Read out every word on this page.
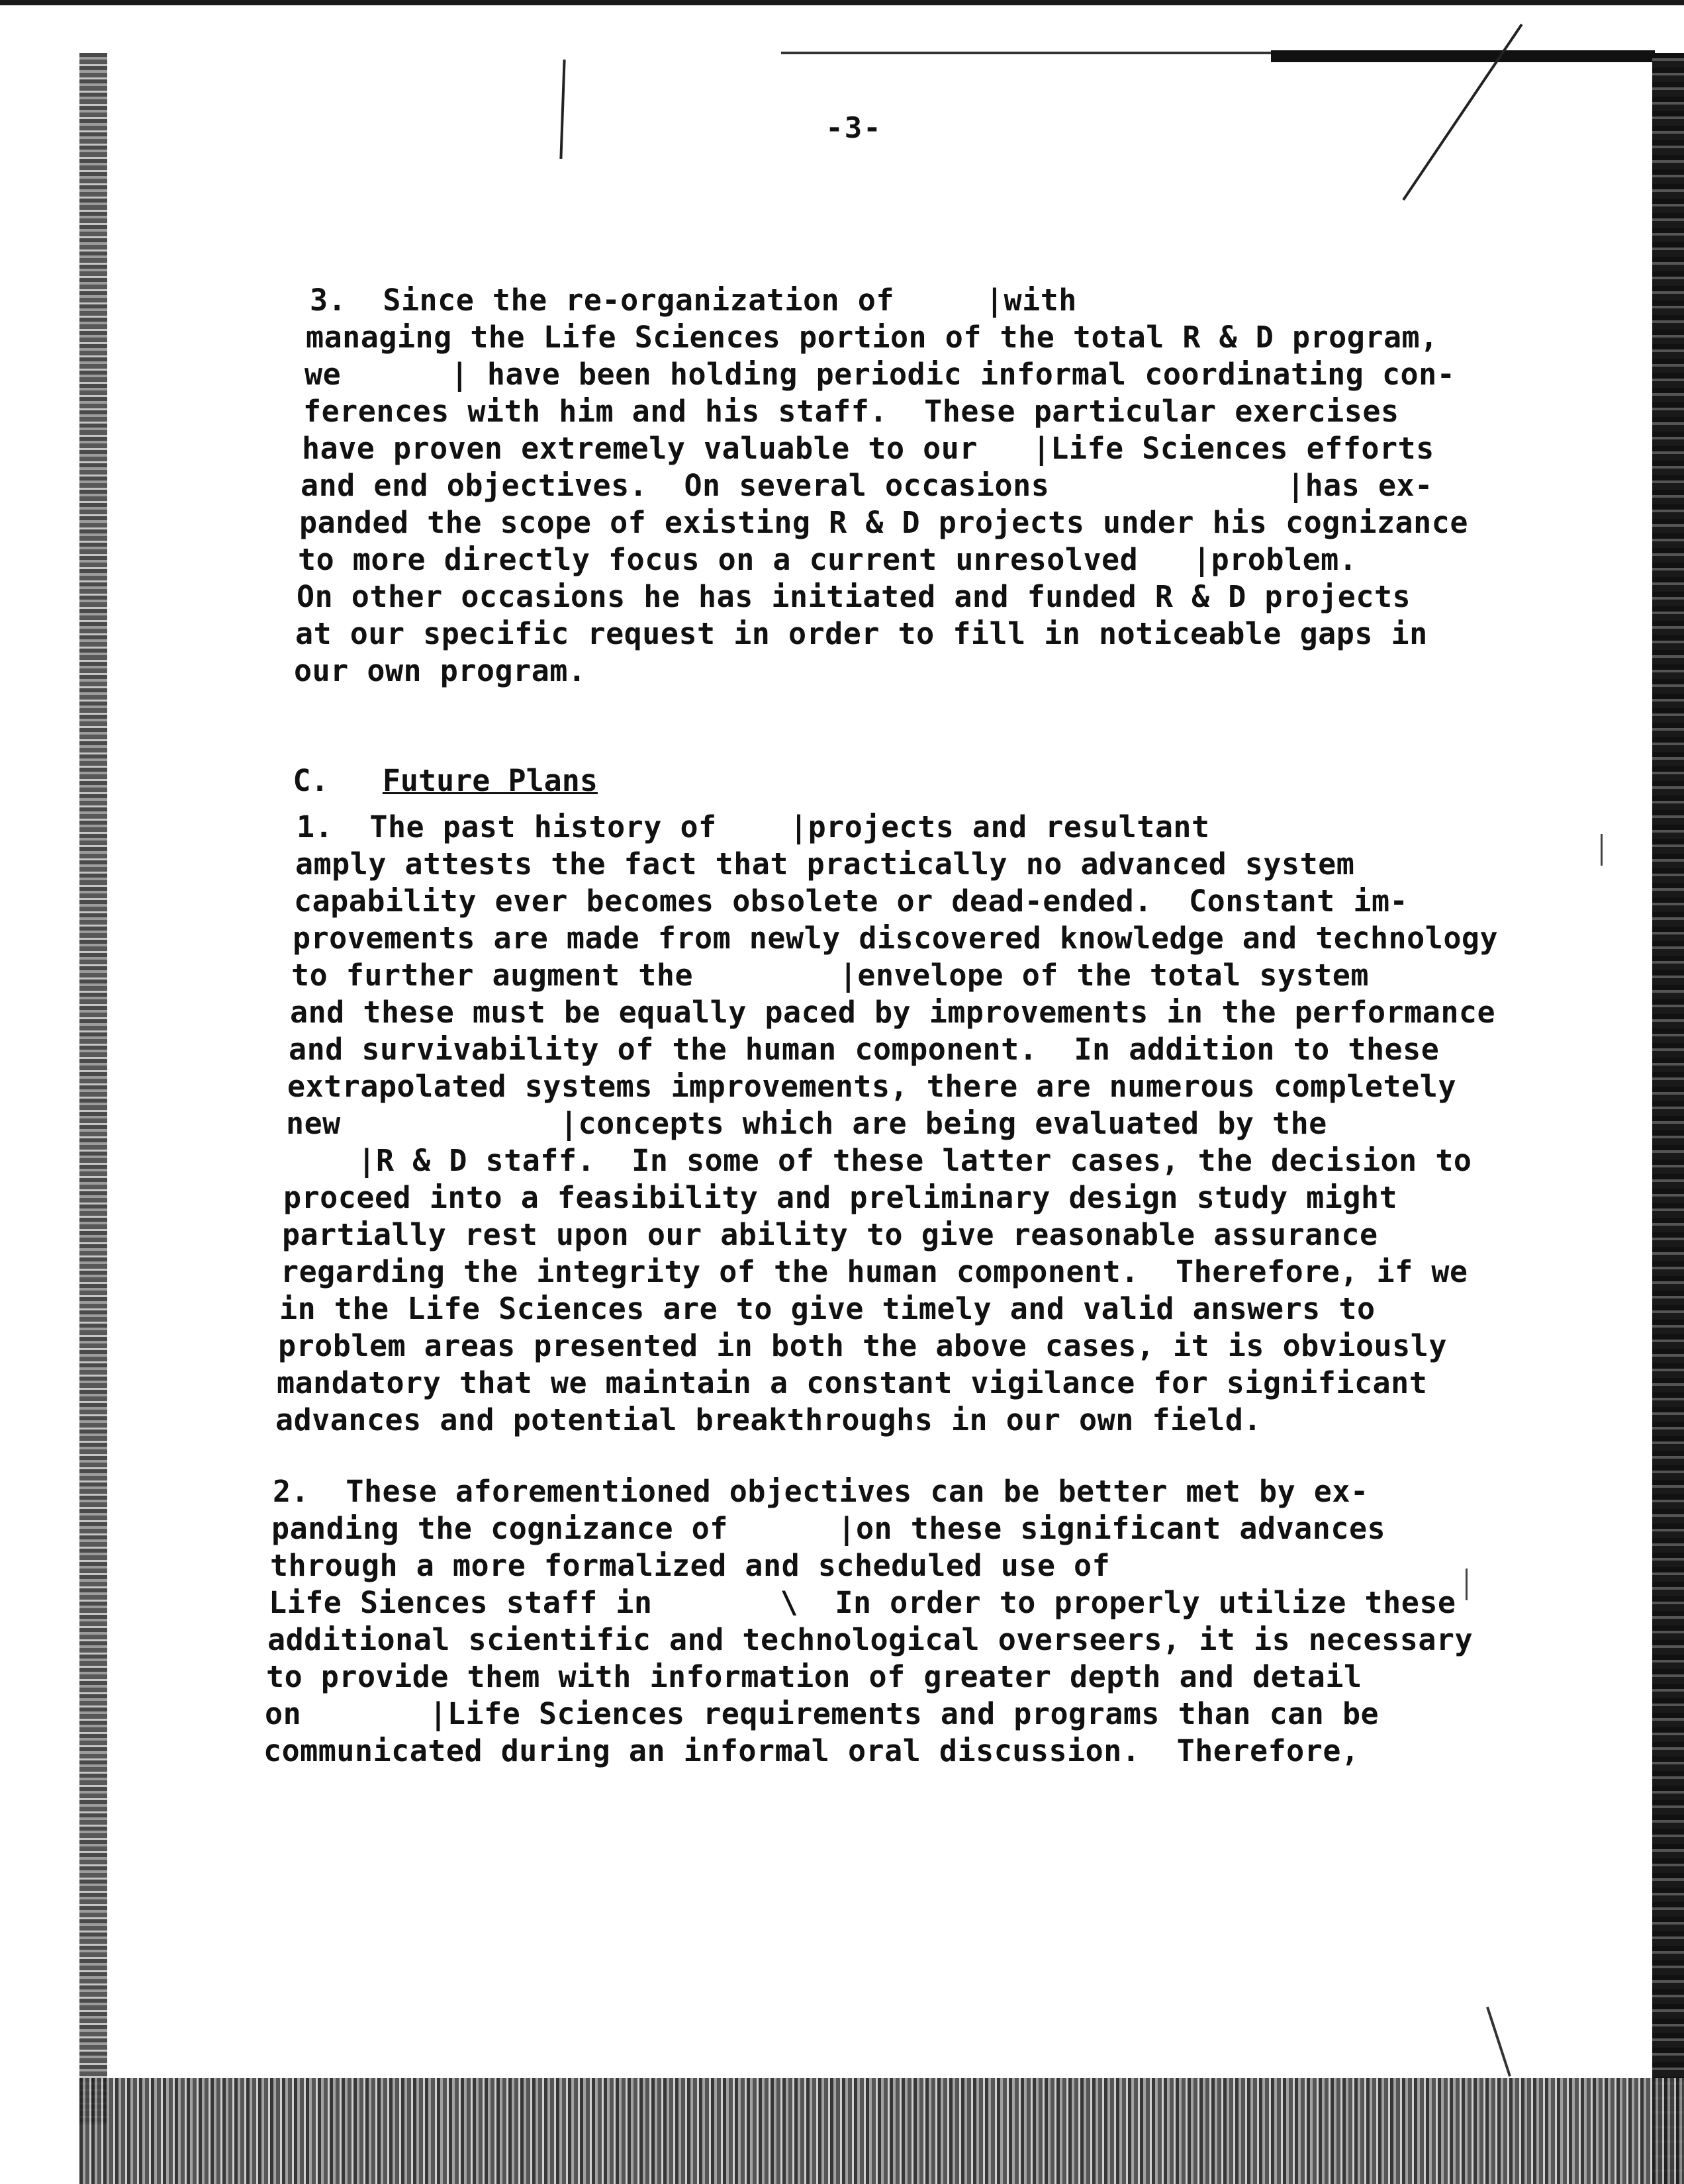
-3-
3.  Since the re-organization of     |with
managing the Life Sciences portion of the total R & D program,
we      | have been holding periodic informal coordinating con-
ferences with him and his staff.  These particular exercises
have proven extremely valuable to our   |Life Sciences efforts
and end objectives.  On several occasions             |has ex-
panded the scope of existing R & D projects under his cognizance
to more directly focus on a current unresolved   |problem.
On other occasions he has initiated and funded R & D projects
at our specific request in order to fill in noticeable gaps in
our own program.

C. Future Plans

1.  The past history of    |projects and resultant
amply attests the fact that practically no advanced system
capability ever becomes obsolete or dead-ended.  Constant im-
provements are made from newly discovered knowledge and technology
to further augment the        |envelope of the total system
and these must be equally paced by improvements in the performance
and survivability of the human component.  In addition to these
extrapolated systems improvements, there are numerous completely
new            |concepts which are being evaluated by the
|R & D staff.  In some of these latter cases, the decision to
proceed into a feasibility and preliminary design study might
partially rest upon our ability to give reasonable assurance
regarding the integrity of the human component.  Therefore, if we
in the Life Sciences are to give timely and valid answers to
problem areas presented in both the above cases, it is obviously
mandatory that we maintain a constant vigilance for significant
advances and potential breakthroughs in our own field.
2.  These aforementioned objectives can be better met by ex-
panding the cognizance of      |on these significant advances
through a more formalized and scheduled use of
Life Siences staff in       \  In order to properly utilize these
additional scientific and technological overseers, it is necessary
to provide them with information of greater depth and detail
on       |Life Sciences requirements and programs than can be
communicated during an informal oral discussion.  Therefore,
